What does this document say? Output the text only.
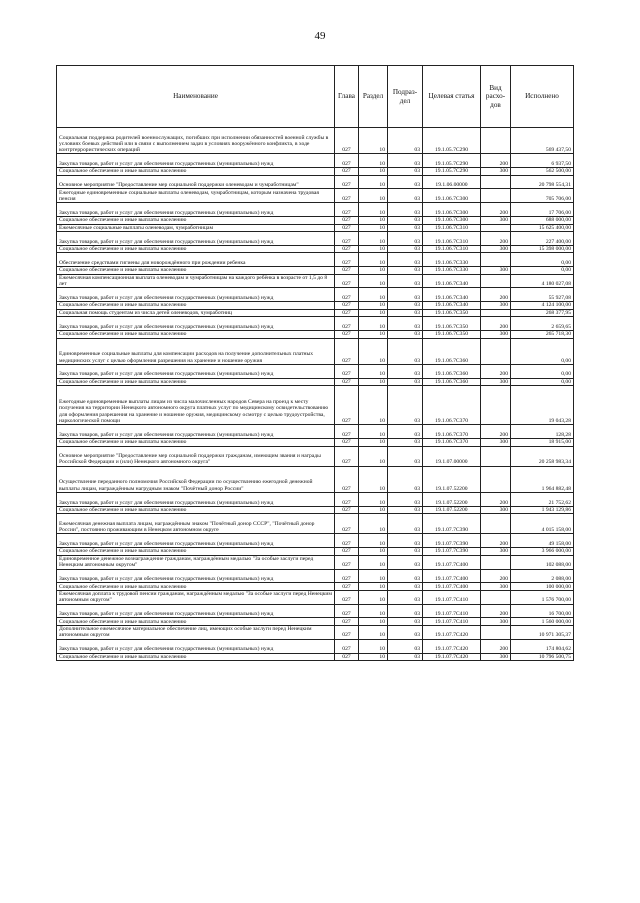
49
Наименование	Глава	Раздел	Подраз-дел	Целевая статья	Вид расхо-дов	Исполнено
Социальная поддержка родителей военнослужащих, погибших при исполнении обязанностей военной службы в условиях боевых действий или в связи с выполнением задач в условиях вооружённого конфликта, в ходе контртеррористических операций	027	10	03	19.1.05.7С290		569 437,50
Закупка товаров, работ и услуг для обеспечения государственных (муниципальных) нужд	027	10	03	19.1.05.7С290	200	6 937,50
Социальное обеспечение и иные выплаты населению	027	10	03	19.1.05.7С290	300	562 500,00
Основное мероприятие "Предоставление мер социальной поддержки оленеводам и чумработницам"	027	10	03	19.1.06.00000		20 798 554,31
Ежегодные единовременные социальные выплаты оленеводам, чумработницам, которым назначена трудовая пенсия	027	10	03	19.1.06.7С300		705 706,00
Закупка товаров, работ и услуг для обеспечения государственных (муниципальных) нужд	027	10	03	19.1.06.7С300	200	17 706,00
Социальное обеспечение и иные выплаты населению	027	10	03	19.1.06.7С300	300	688 000,00
Ежемесячные социальные выплаты оленеводам, чумработницам	027	10	03	19.1.06.7С310		15 625 400,00
Закупка товаров, работ и услуг для обеспечения государственных (муниципальных) нужд	027	10	03	19.1.06.7С310	200	227 400,00
Социальное обеспечение и иные выплаты населению	027	10	03	19.1.06.7С310	300	15 398 000,00
Обеспечение средствами гигиены для новорождённого при рождении ребенка	027	10	03	19.1.06.7С330		0,00
Социальное обеспечение и иные выплаты населению	027	10	03	19.1.06.7С330	300	0,00
Ежемесячная компенсационная выплата оленеводам и чумработницам на каждого ребёнка в возрасте от 1,5 до 8 лет	027	10	03	19.1.06.7С340		4 180 027,08
Закупка товаров, работ и услуг для обеспечения государственных (муниципальных) нужд	027	10	03	19.1.06.7С340	200	55 927,08
Социальное обеспечение и иные выплаты населению	027	10	03	19.1.06.7С340	300	4 124 100,00
Социальная помощь студентам из числа детей оленеводов, чумработниц	027	10	03	19.1.06.7С350		268 377,95
Закупка товаров, работ и услуг для обеспечения государственных (муниципальных) нужд	027	10	03	19.1.06.7С350	200	2 659,65
Социальное обеспечение и иные выплаты населению	027	10	03	19.1.06.7С350	300	265 718,30
Единовременные социальные выплаты для компенсации расходов на получение дополнительных платных медицинских услуг с целью оформления разрешения на хранение и ношение оружия	027	10	03	19.1.06.7С360		0,00
Закупка товаров, работ и услуг для обеспечения государственных (муниципальных) нужд	027	10	03	19.1.06.7С360	200	0,00
Социальное обеспечение и иные выплаты населению	027	10	03	19.1.06.7С360	300	0,00
Ежегодные единовременные выплаты лицам из числа малочисленных народов Севера на проезд к месту получения на территории Ненецкого автономного округа платных услуг по медицинскому освидетельствованию для оформления разрешения на хранение и ношение оружия, медицинскому осмотру с целью трудоустройства, наркологической помощи	027	10	03	19.1.06.7С370		19 043,28
Закупка товаров, работ и услуг для обеспечения государственных (муниципальных) нужд	027	10	03	19.1.06.7С370	200	128,28
Социальное обеспечение и иные выплаты населению	027	10	03	19.1.06.7С370	300	18 915,00
Основное мероприятие "Предоставление мер социальной поддержки гражданам, имеющим звания и награды Российской Федерации и (или) Ненецкого автономного округа"	027	10	03	19.1.07.00000		20 258 983,34
Осуществление переданного полномочия Российской Федерации по осуществлению ежегодной денежной выплаты лицам, награждённым нагрудным знаком "Почётный донор России"	027	10	03	19.1.07.52200		1 964 882,48
Закупка товаров, работ и услуг для обеспечения государственных (муниципальных) нужд	027	10	03	19.1.07.52200	200	21 752,62
Социальное обеспечение и иные выплаты населению	027	10	03	19.1.07.52200	300	1 943 129,86
Ежемесячная денежная выплата лицам, награждённым знаком "Почётный донор СССР", "Почётный донор России", постоянно проживающим в Ненецком автономном округе	027	10	03	19.1.07.7С390		4 015 158,00
Закупка товаров, работ и услуг для обеспечения государственных (муниципальных) нужд	027	10	03	19.1.07.7С390	200	49 158,00
Социальное обеспечение и иные выплаты населению	027	10	03	19.1.07.7С390	300	3 966 000,00
Единовременное денежное вознаграждение гражданам, награждённым медалью "За особые заслуги перед Ненецким автономным округом"	027	10	03	19.1.07.7С400		102 088,00
Закупка товаров, работ и услуг для обеспечения государственных (муниципальных) нужд	027	10	03	19.1.07.7С400	200	2 088,00
Социальное обеспечение и иные выплаты населению	027	10	03	19.1.07.7С400	300	100 000,00
Ежемесячная доплата к трудовой пенсии гражданам, награждённым медалью "За особые заслуги перед Ненецким автономным округом"	027	10	03	19.1.07.7С410		1 576 700,00
Закупка товаров, работ и услуг для обеспечения государственных (муниципальных) нужд	027	10	03	19.1.07.7С410	200	16 700,00
Социальное обеспечение и иные выплаты населению	027	10	03	19.1.07.7С410	300	1 560 000,00
Дополнительное ежемесячное материальное обеспечение лиц, имеющих особые заслуги перед Ненецким автономным округом	027	10	03	19.1.07.7С420		10 971 305,37
Закупка товаров, работ и услуг для обеспечения государственных (муниципальных) нужд	027	10	03	19.1.07.7С420	200	174 804,62
Социальное обеспечение и иные выплаты населению	027	10	03	19.1.07.7С420	300	10 796 500,75
